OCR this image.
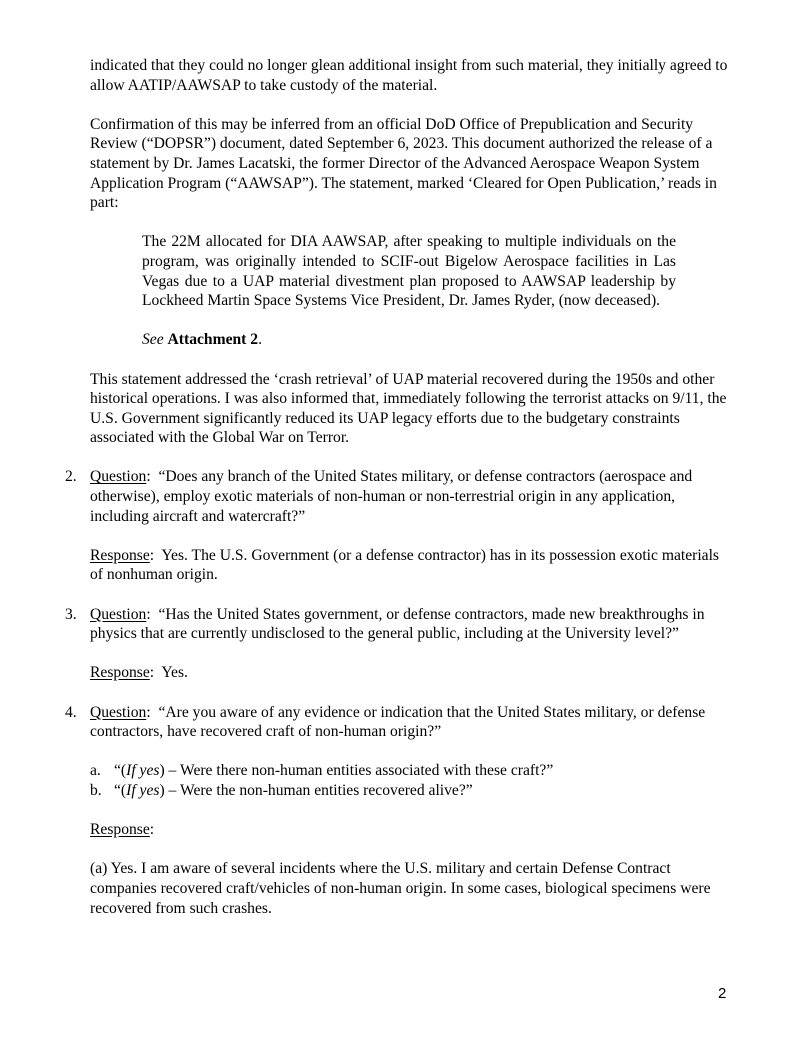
indicated that they could no longer glean additional insight from such material, they initially agreed to allow AATIP/AAWSAP to take custody of the material.

Confirmation of this may be inferred from an official DoD Office of Prepublication and Security Review (“DOPSR”) document, dated September 6, 2023. This document authorized the release of a statement by Dr. James Lacatski, the former Director of the Advanced Aerospace Weapon System Application Program (“AAWSAP”). The statement, marked ‘Cleared for Open Publication,’ reads in part:

The 22M allocated for DIA AAWSAP, after speaking to multiple individuals on the program, was originally intended to SCIF-out Bigelow Aerospace facilities in Las Vegas due to a UAP material divestment plan proposed to AAWSAP leadership by Lockheed Martin Space Systems Vice President, Dr. James Ryder, (now deceased).

See Attachment 2.

This statement addressed the ‘crash retrieval’ of UAP material recovered during the 1950s and other historical operations. I was also informed that, immediately following the terrorist attacks on 9/11, the U.S. Government significantly reduced its UAP legacy efforts due to the budgetary constraints associated with the Global War on Terror.

2. Question: “Does any branch of the United States military, or defense contractors (aerospace and otherwise), employ exotic materials of non-human or non-terrestrial origin in any application, including aircraft and watercraft?”

Response: Yes. The U.S. Government (or a defense contractor) has in its possession exotic materials of nonhuman origin.

3. Question: “Has the United States government, or defense contractors, made new breakthroughs in physics that are currently undisclosed to the general public, including at the University level?”

Response: Yes.

4. Question: “Are you aware of any evidence or indication that the United States military, or defense contractors, have recovered craft of non-human origin?”

a. “(If yes) – Were there non-human entities associated with these craft?”

b. “(If yes) – Were the non-human entities recovered alive?”

Response:

(a) Yes. I am aware of several incidents where the U.S. military and certain Defense Contract companies recovered craft/vehicles of non-human origin. In some cases, biological specimens were recovered from such crashes.

2
